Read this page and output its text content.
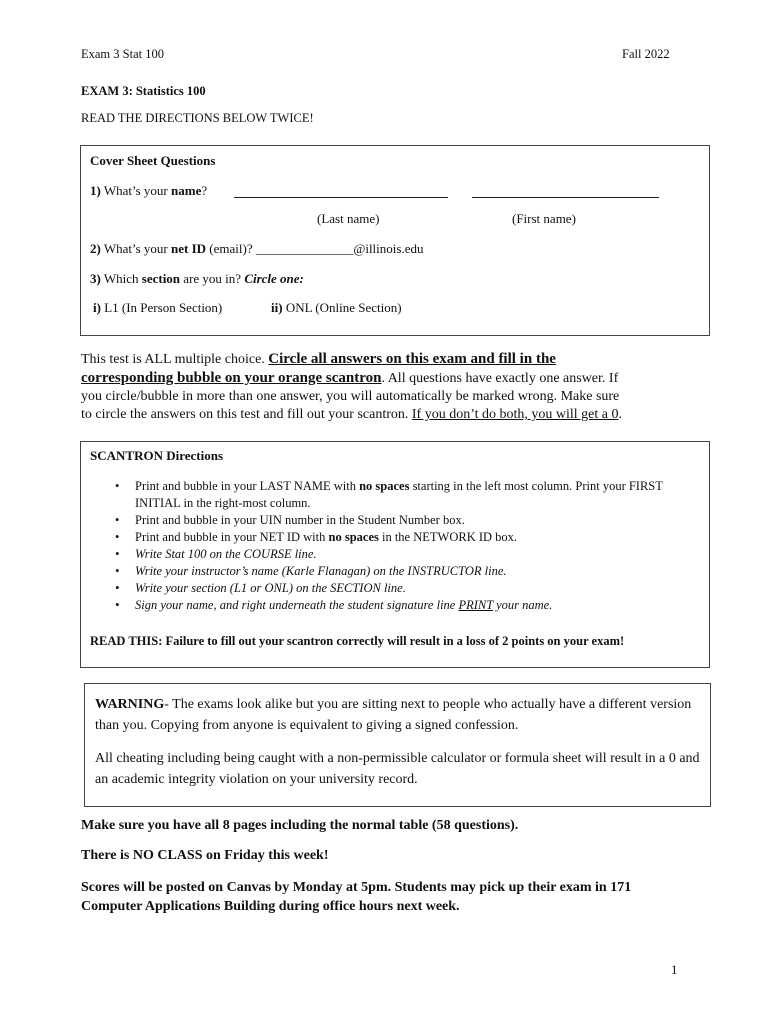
Exam 3 Stat 100	Fall 2022
EXAM 3: Statistics 100
READ THE DIRECTIONS BELOW TWICE!
Cover Sheet Questions
1) What’s your name?
(Last name)	(First name)
2) What’s your net ID (email)? _______________@illinois.edu
3) Which section are you in? Circle one:
i) L1 (In Person Section)	ii) ONL (Online Section)
This test is ALL multiple choice. Circle all answers on this exam and fill in the
corresponding bubble on your orange scantron. All questions have exactly one answer. If
you circle/bubble in more than one answer, you will automatically be marked wrong. Make sure
to circle the answers on this test and fill out your scantron. If you don’t do both, you will get a 0.
SCANTRON Directions
• Print and bubble in your LAST NAME with no spaces starting in the left most column. Print your FIRST INITIAL in the right-most column.
• Print and bubble in your UIN number in the Student Number box.
• Print and bubble in your NET ID with no spaces in the NETWORK ID box.
• Write Stat 100 on the COURSE line.
• Write your instructor’s name (Karle Flanagan) on the INSTRUCTOR line.
• Write your section (L1 or ONL) on the SECTION line.
• Sign your name, and right underneath the student signature line PRINT your name.
READ THIS: Failure to fill out your scantron correctly will result in a loss of 2 points on your exam!
WARNING- The exams look alike but you are sitting next to people who actually have a different version than you. Copying from anyone is equivalent to giving a signed confession.
All cheating including being caught with a non-permissible calculator or formula sheet will result in a 0 and an academic integrity violation on your university record.
Make sure you have all 8 pages including the normal table (58 questions).
There is NO CLASS on Friday this week!
Scores will be posted on Canvas by Monday at 5pm. Students may pick up their exam in 171 Computer Applications Building during office hours next week.
1
